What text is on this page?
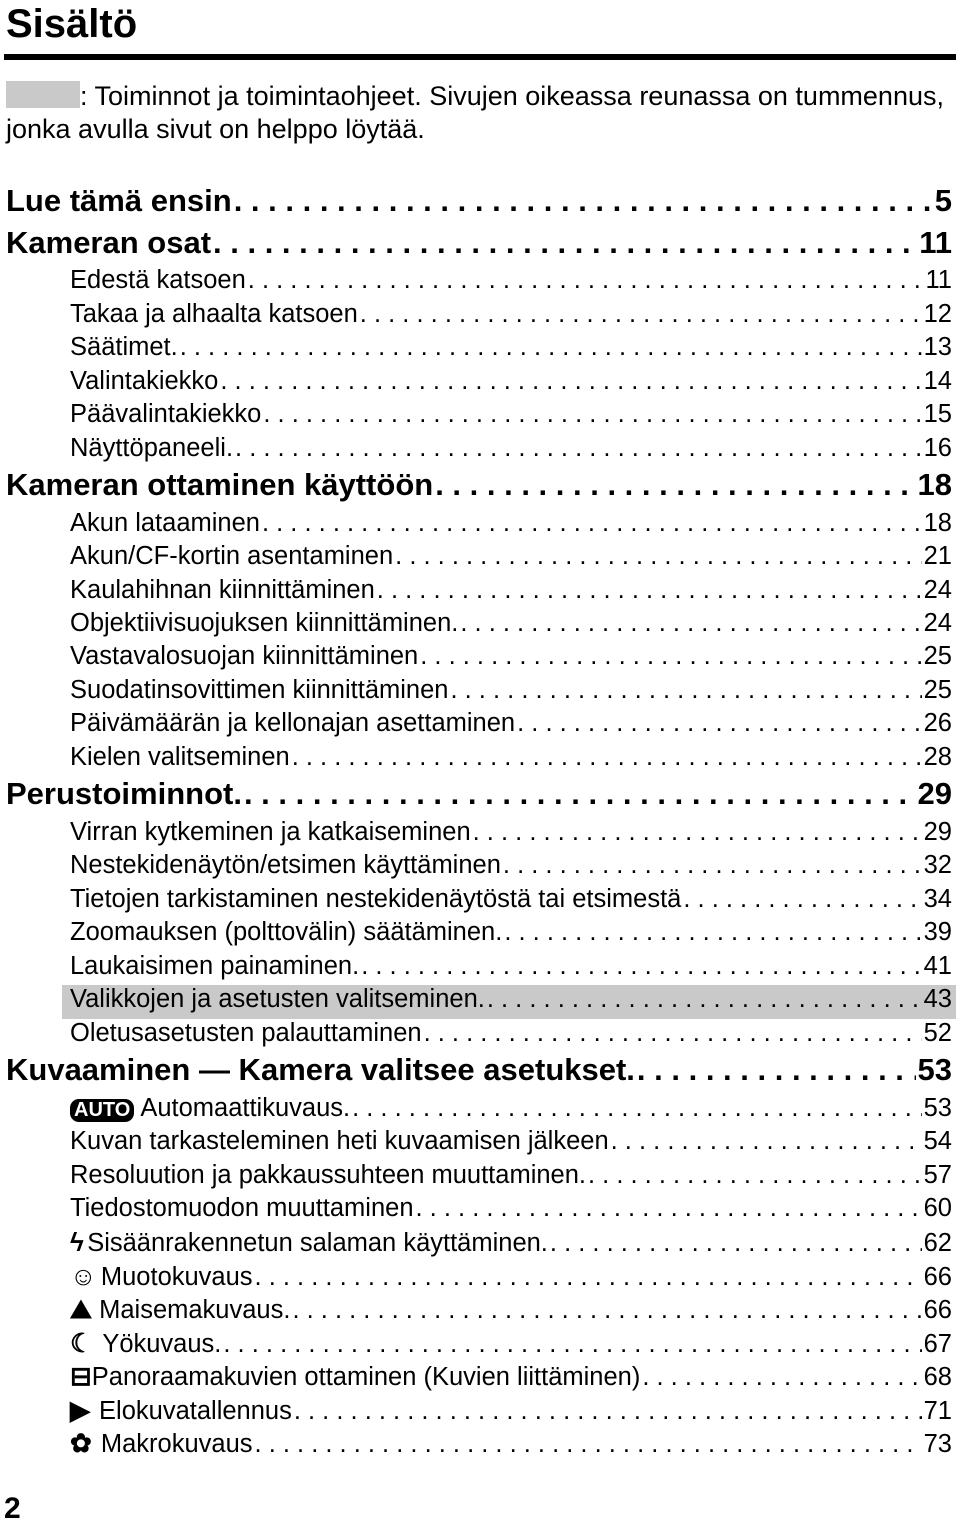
Sisältö
: Toiminnot ja toimintaohjeet. Sivujen oikeassa reunassa on tummennus, jonka avulla sivut on helppo löytää.
Lue tämä ensin . . .	5
Kameran osat . . .	11
Edestä katsoen . . .	11
Takaa ja alhaalta katsoen . . .	12
Säätimet. . . .	13
Valintakiekko . . .	14
Päävalintakiekko . . .	15
Näyttöpaneeli. . . .	16
Kameran ottaminen käyttöön . . .	18
Akun lataaminen . . .	18
Akun/CF-kortin asentaminen . . .	21
Kaulahihnan kiinnittäminen . . .	24
Objektiivisuojuksen kiinnittäminen. . . .	24
Vastavalosuojan kiinnittäminen . . .	25
Suodatinsovittimen kiinnittäminen . . .	25
Päivämäärän ja kellonajan asettaminen . . .	26
Kielen valitseminen . . .	28
Perustoiminnot. . . .	29
Virran kytkeminen ja katkaiseminen . . .	29
Nestekidenäytön/etsimen käyttäminen . . .	32
Tietojen tarkistaminen nestekidenäytöstä tai etsimestä . . .	34
Zoomauksen (polttovälin) säätäminen. . . .	39
Laukaisimen painaminen. . . .	41
Valikkojen ja asetusten valitseminen. . . .	43
Oletusasetusten palauttaminen . . .	52
Kuvaaminen — Kamera valitsee asetukset. . . .	53
AUTO Automaattikuvaus. . . .	53
Kuvan tarkasteleminen heti kuvaamisen jälkeen . . .	54
Resoluution ja pakkaussuhteen muuttaminen. . . .	57
Tiedostomuodon muuttaminen . . .	60
ϟ Sisäänrakennetun salaman käyttäminen. . . .	62
☺ Muotokuvaus . . .	66
⛰ Maisemakuvaus. . . .	66
☾ Yökuvaus. . . .	67
⊟ Panoraamakuvien ottaminen (Kuvien liittäminen) . . .	68
▶ Elokuvatallennus . . .	71
✿ Makrokuvaus . . .	73
2
